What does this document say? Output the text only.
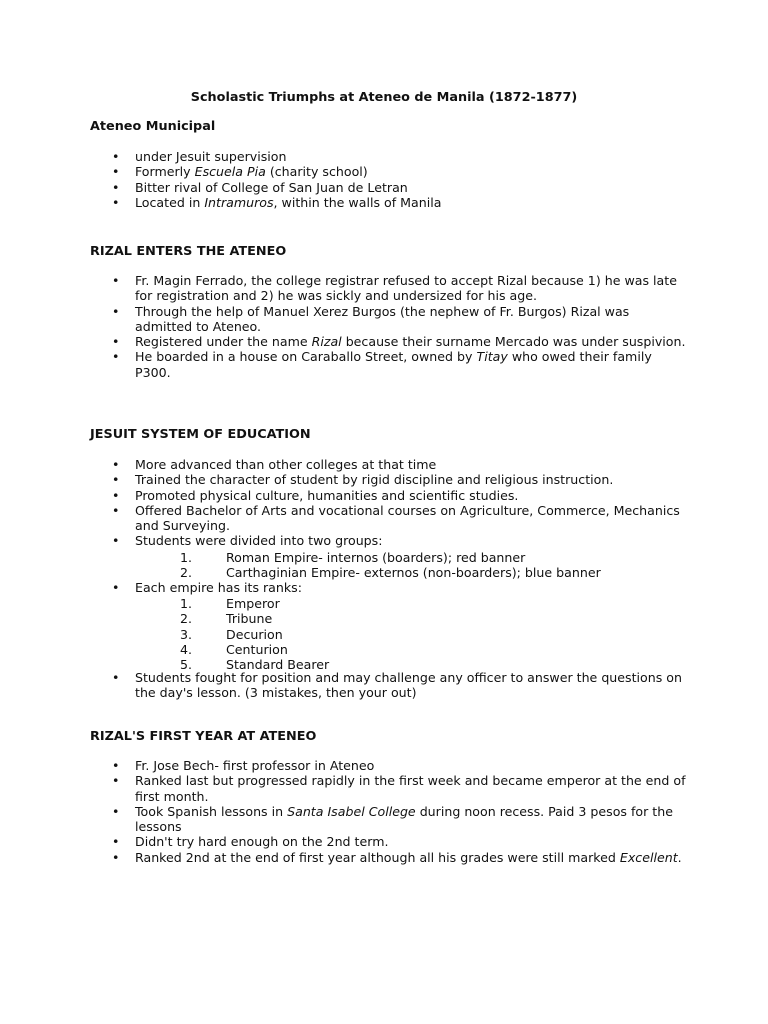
Scholastic Triumphs at Ateneo de Manila (1872-1877)
Ateneo Municipal
• under Jesuit supervision
• Formerly Escuela Pia (charity school)
• Bitter rival of College of San Juan de Letran
• Located in Intramuros, within the walls of Manila
RIZAL ENTERS THE ATENEO
• Fr. Magin Ferrado, the college registrar refused to accept Rizal because 1) he was late for registration and 2) he was sickly and undersized for his age.
• Through the help of Manuel Xerez Burgos (the nephew of Fr. Burgos) Rizal was admitted to Ateneo.
• Registered under the name Rizal because their surname Mercado was under suspivion.
• He boarded in a house on Caraballo Street, owned by Titay who owed their family P300.
JESUIT SYSTEM OF EDUCATION
• More advanced than other colleges at that time
• Trained the character of student by rigid discipline and religious instruction.
• Promoted physical culture, humanities and scientific studies.
• Offered Bachelor of Arts and vocational courses on Agriculture, Commerce, Mechanics and Surveying.
• Students were divided into two groups:
1.	Roman Empire- internos (boarders); red banner
2.	Carthaginian Empire- externos (non-boarders); blue banner
• Each empire has its ranks:
1.	Emperor
2.	Tribune
3.	Decurion
4.	Centurion
5.	Standard Bearer
• Students fought for position and may challenge any officer to answer the questions on the day's lesson. (3 mistakes, then your out)
RIZAL'S FIRST YEAR AT ATENEO
• Fr. Jose Bech- first professor in Ateneo
• Ranked last but progressed rapidly in the first week and became emperor at the end of first month.
• Took Spanish lessons in Santa Isabel College during noon recess. Paid 3 pesos for the lessons
• Didn't try hard enough on the 2nd term.
• Ranked 2nd at the end of first year although all his grades were still marked Excellent.
